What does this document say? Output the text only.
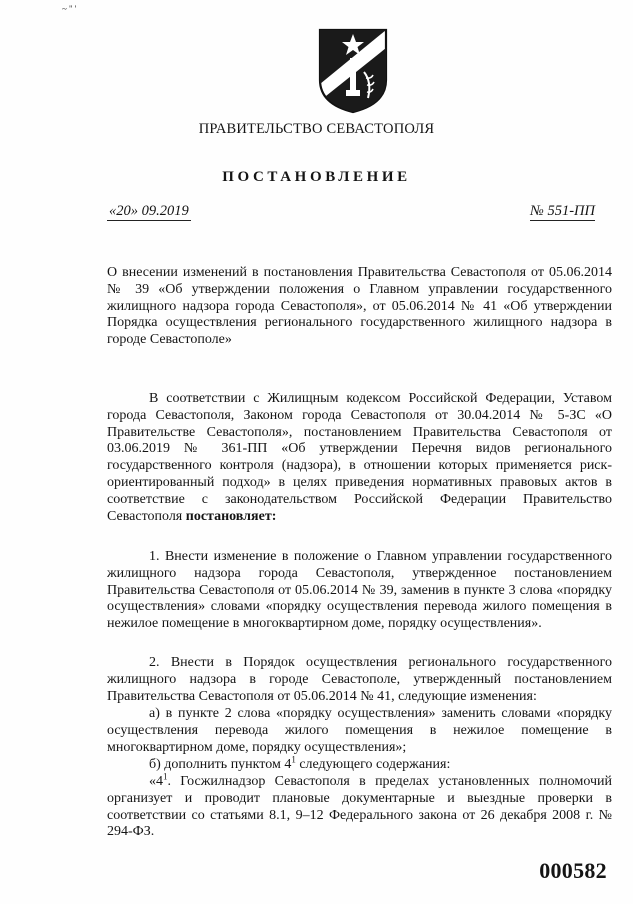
~ '' '
ПРАВИТЕЛЬСТВО СЕВАСТОПОЛЯ
ПОСТАНОВЛЕНИЕ
«20» 09.2019	№ 551-ПП

О внесении изменений в постановления Правительства Севастополя от 05.06.2014 № 39 «Об утверждении положения о Главном управлении государственного жилищного надзора города Севастополя», от 05.06.2014 № 41 «Об утверждении Порядка осуществления регионального государственного жилищного надзора в городе Севастополе»

В соответствии с Жилищным кодексом Российской Федерации, Уставом города Севастополя, Законом города Севастополя от 30.04.2014 № 5-ЗС «О Правительстве Севастополя», постановлением Правительства Севастополя от 03.06.2019 № 361-ПП «Об утверждении Перечня видов регионального государственного контроля (надзора), в отношении которых применяется риск-ориентированный подход» в целях приведения нормативных правовых актов в соответствие с законодательством Российской Федерации Правительство Севастополя постановляет:

1. Внести изменение в положение о Главном управлении государственного жилищного надзора города Севастополя, утвержденное постановлением Правительства Севастополя от 05.06.2014 № 39, заменив в пункте 3 слова «порядку осуществления» словами «порядку осуществления перевода жилого помещения в нежилое помещение в многоквартирном доме, порядку осуществления».

2. Внести в Порядок осуществления регионального государственного жилищного надзора в городе Севастополе, утвержденный постановлением Правительства Севастополя от 05.06.2014 № 41, следующие изменения:

а) в пункте 2 слова «порядку осуществления» заменить словами «порядку осуществления перевода жилого помещения в нежилое помещение в многоквартирном доме, порядку осуществления»;

б) дополнить пунктом $4^1$ следующего содержания:

«$4^1$. Госжилнадзор Севастополя в пределах установленных полномочий организует и проводит плановые документарные и выездные проверки в соответствии со статьями 8.1, 9–12 Федерального закона от 26 декабря 2008 г. № 294-ФЗ.

000582
